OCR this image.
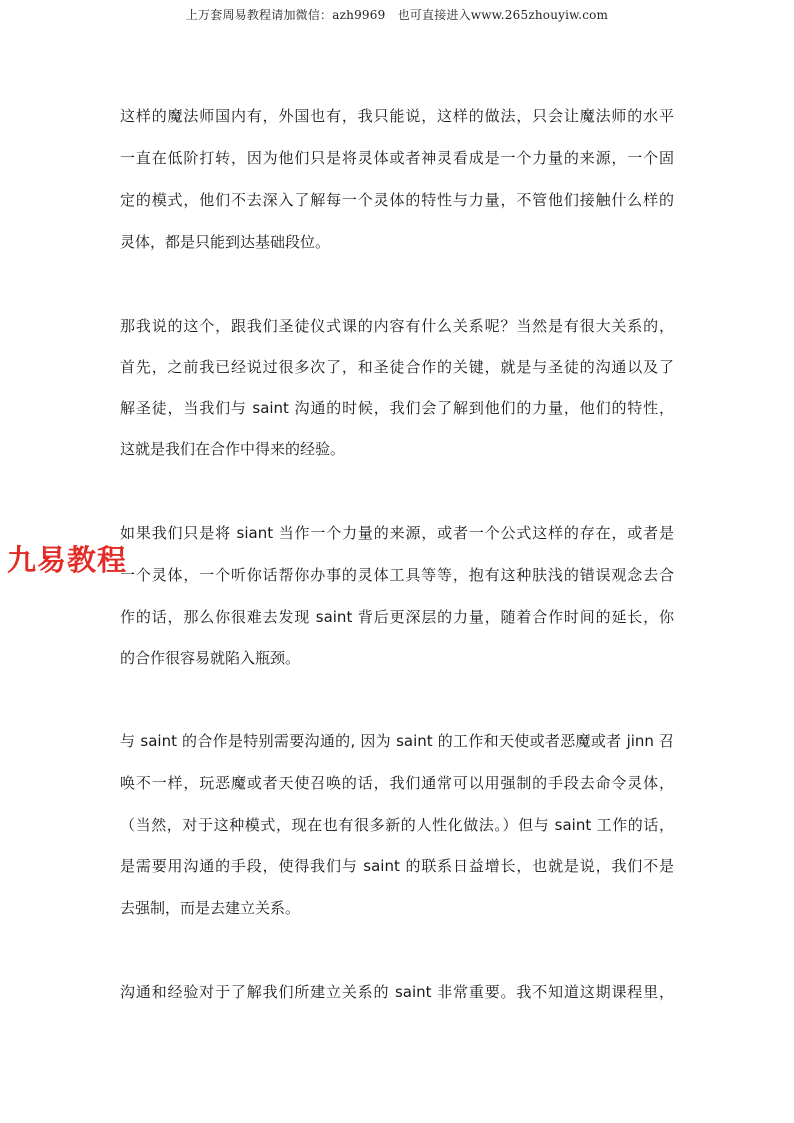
上万套周易教程请加微信：azh9969　也可直接进入www.265zhouyiw.com
九易教程
这样的魔法师国内有，外国也有，我只能说，这样的做法，只会让魔法师的水平
一直在低阶打转，因为他们只是将灵体或者神灵看成是一个力量的来源，一个固
定的模式，他们不去深入了解每一个灵体的特性与力量，不管他们接触什么样的
灵体，都是只能到达基础段位。
那我说的这个，跟我们圣徒仪式课的内容有什么关系呢？当然是有很大关系的，
首先，之前我已经说过很多次了，和圣徒合作的关键，就是与圣徒的沟通以及了
解圣徒，当我们与 saint 沟通的时候，我们会了解到他们的力量，他们的特性，
这就是我们在合作中得来的经验。
如果我们只是将 siant 当作一个力量的来源，或者一个公式这样的存在，或者是
一个灵体，一个听你话帮你办事的灵体工具等等，抱有这种肤浅的错误观念去合
作的话，那么你很难去发现 saint 背后更深层的力量，随着合作时间的延长，你
的合作很容易就陷入瓶颈。
与 saint 的合作是特别需要沟通的, 因为 saint 的工作和天使或者恶魔或者 jinn 召
唤不一样，玩恶魔或者天使召唤的话，我们通常可以用强制的手段去命令灵体，
（当然，对于这种模式，现在也有很多新的人性化做法。）但与 saint 工作的话，
是需要用沟通的手段，使得我们与 saint 的联系日益增长，也就是说，我们不是
去强制，而是去建立关系。
沟通和经验对于了解我们所建立关系的 saint 非常重要。我不知道这期课程里，
